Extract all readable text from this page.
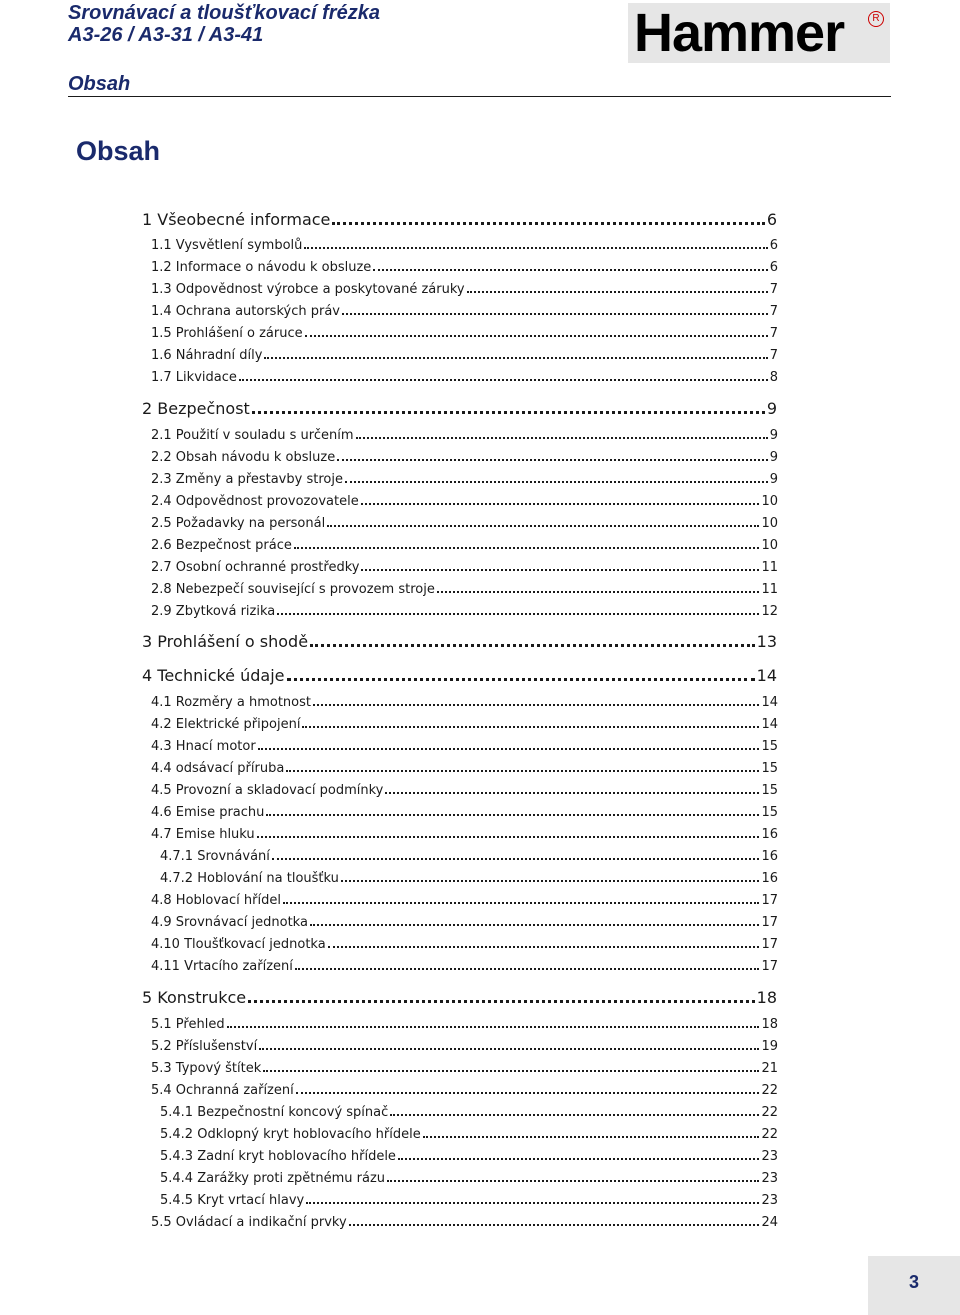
Srovnávací a tloušťkovací frézka
A3-26 / A3-31 / A3-41
Obsah
Hammer	R
Obsah
1 Všeobecné informace	6
1.1 Vysvětlení symbolů	6
1.2 Informace o návodu k obsluze	6
1.3 Odpovědnost výrobce a poskytované záruky	7
1.4 Ochrana autorských práv	7
1.5 Prohlášení o záruce	7
1.6 Náhradní díly	7
1.7 Likvidace	8
2 Bezpečnost	9
2.1 Použití v souladu s určením	9
2.2 Obsah návodu k obsluze	9
2.3 Změny a přestavby stroje	9
2.4 Odpovědnost provozovatele	10
2.5 Požadavky na personál	10
2.6 Bezpečnost práce	10
2.7 Osobní ochranné prostředky	11
2.8 Nebezpečí související s provozem stroje	11
2.9 Zbytková rizika	12
3 Prohlášení o shodě	13
4 Technické údaje	14
4.1 Rozměry a hmotnost	14
4.2 Elektrické připojení	14
4.3 Hnací motor	15
4.4 odsávací příruba	15
4.5 Provozní a skladovací podmínky	15
4.6 Emise prachu	15
4.7 Emise hluku	16
4.7.1 Srovnávání	16
4.7.2 Hoblování na tloušťku	16
4.8 Hoblovací hřídel	17
4.9 Srovnávací jednotka	17
4.10 Tloušťkovací jednotka	17
4.11 Vrtacího zařízení	17
5 Konstrukce	18
5.1 Přehled	18
5.2 Příslušenství	19
5.3 Typový štítek	21
5.4 Ochranná zařízení	22
5.4.1 Bezpečnostní koncový spínač	22
5.4.2 Odklopný kryt hoblovacího hřídele	22
5.4.3 Zadní kryt hoblovacího hřídele	23
5.4.4 Zarážky proti zpětnému rázu	23
5.4.5 Kryt vrtací hlavy	23
5.5 Ovládací a indikační prvky	24
3
